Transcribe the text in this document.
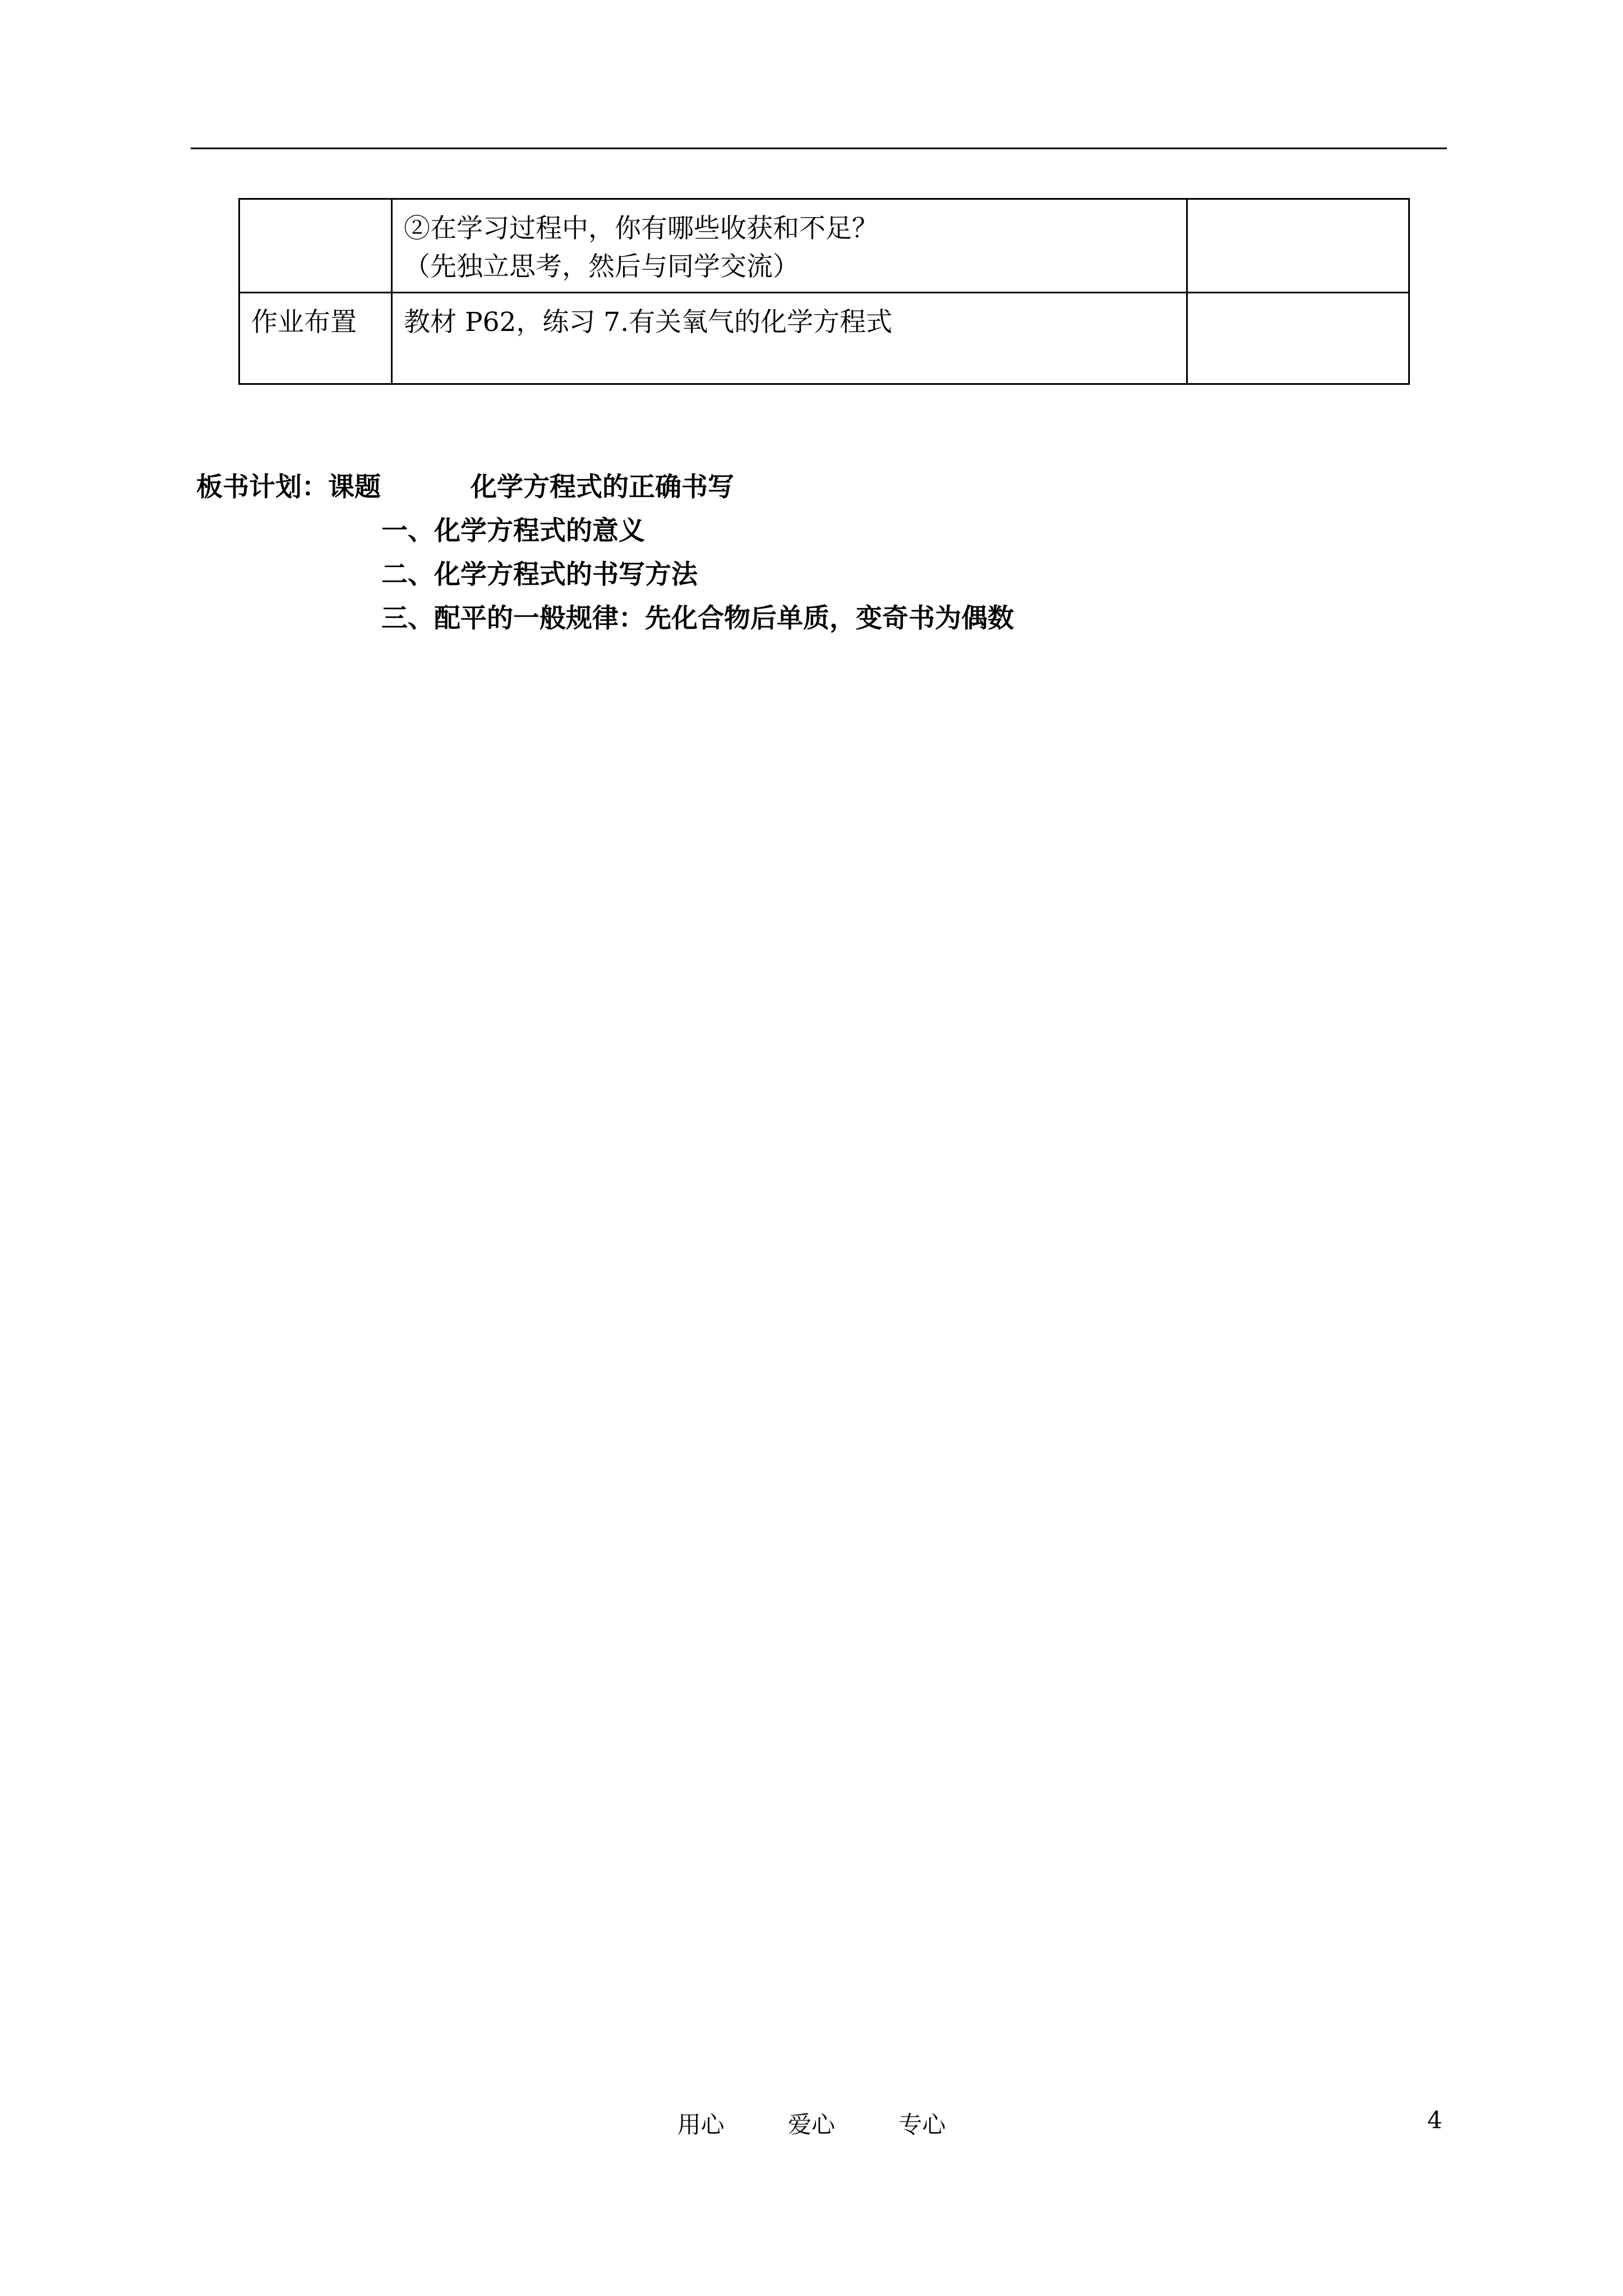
	②在学习过程中，你有哪些收获和不足？
（先独立思考，然后与同学交流）	

作业布置	教材 P62，练习 7.有关氧气的化学方程式	

板书计划：课题	化学方程式的正确书写
一、化学方程式的意义
二、化学方程式的书写方法
三、配平的一般规律：先化合物后单质，变奇书为偶数
用心	爱心	专心	4
